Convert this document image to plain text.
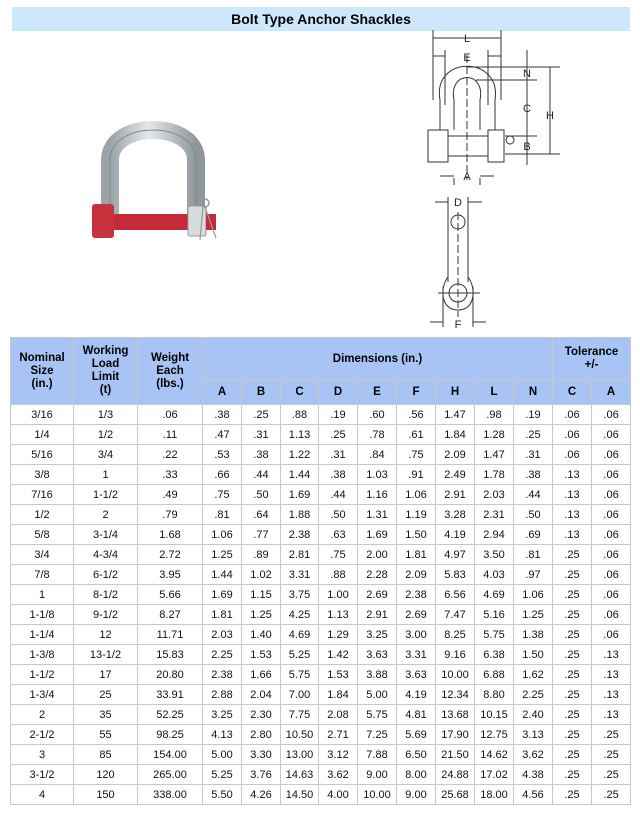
Bolt Type Anchor Shackles
L
E
N
C
H
B
A
D
F
Nominal
Size
(in.)	Working
Load
Limit
(t)	Weight
Each
(lbs.)	Dimensions (in.)									Tolerance
+/-	
			A	B	C	D	E	F	H	L	N	C	A
3/16	1/3	.06	.38	.25	.88	.19	.60	.56	1.47	.98	.19	.06	.06
1/4	1/2	.11	.47	.31	1.13	.25	.78	.61	1.84	1.28	.25	.06	.06
5/16	3/4	.22	.53	.38	1.22	.31	.84	.75	2.09	1.47	.31	.06	.06
3/8	1	.33	.66	.44	1.44	.38	1.03	.91	2.49	1.78	.38	.13	.06
7/16	1-1/2	.49	.75	.50	1.69	.44	1.16	1.06	2.91	2.03	.44	.13	.06
1/2	2	.79	.81	.64	1.88	.50	1.31	1.19	3.28	2.31	.50	.13	.06
5/8	3-1/4	1.68	1.06	.77	2.38	.63	1.69	1.50	4.19	2.94	.69	.13	.06
3/4	4-3/4	2.72	1.25	.89	2.81	.75	2.00	1.81	4.97	3.50	.81	.25	.06
7/8	6-1/2	3.95	1.44	1.02	3.31	.88	2.28	2.09	5.83	4.03	.97	.25	.06
1	8-1/2	5.66	1.69	1.15	3.75	1.00	2.69	2.38	6.56	4.69	1.06	.25	.06
1-1/8	9-1/2	8.27	1.81	1.25	4.25	1.13	2.91	2.69	7.47	5.16	1.25	.25	.06
1-1/4	12	11.71	2.03	1.40	4.69	1.29	3.25	3.00	8.25	5.75	1.38	.25	.06
1-3/8	13-1/2	15.83	2.25	1.53	5.25	1.42	3.63	3.31	9.16	6.38	1.50	.25	.13
1-1/2	17	20.80	2.38	1.66	5.75	1.53	3.88	3.63	10.00	6.88	1.62	.25	.13
1-3/4	25	33.91	2.88	2.04	7.00	1.84	5.00	4.19	12.34	8.80	2.25	.25	.13
2	35	52.25	3.25	2.30	7.75	2.08	5.75	4.81	13.68	10.15	2.40	.25	.13
2-1/2	55	98.25	4.13	2.80	10.50	2.71	7.25	5.69	17.90	12.75	3.13	.25	.25
3	85	154.00	5.00	3.30	13.00	3.12	7.88	6.50	21.50	14.62	3.62	.25	.25
3-1/2	120	265.00	5.25	3.76	14.63	3.62	9.00	8.00	24.88	17.02	4.38	.25	.25
4	150	338.00	5.50	4.26	14.50	4.00	10.00	9.00	25.68	18.00	4.56	.25	.25
